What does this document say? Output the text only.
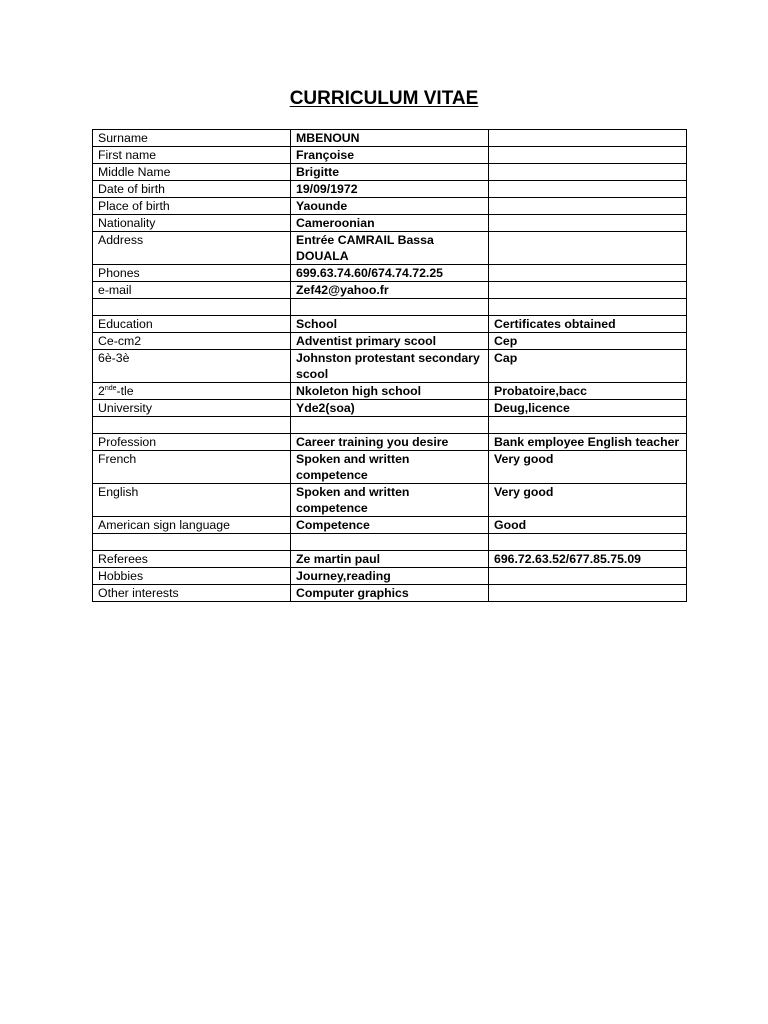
CURRICULUM VITAE
Surname	MBENOUN	
First name	Françoise	
Middle Name	Brigitte	
Date of birth	19/09/1972	
Place of birth	Yaounde	
Nationality	Cameroonian	
Address	Entrée CAMRAIL Bassa DOUALA	
Phones	699.63.74.60/674.74.72.25	
e-mail	Zef42@yahoo.fr	

Education	School	Certificates obtained
Ce-cm2	Adventist primary scool	Cep
6è-3è	Johnston protestant secondary scool	Cap
2nde-tle	Nkoleton high school	Probatoire,bacc
University	Yde2(soa)	Deug,licence

Profession	Career training you desire	Bank employee English teacher
French	Spoken and written competence	Very good
English	Spoken and written competence	Very good
American sign language	Competence	Good

Referees	Ze martin paul	696.72.63.52/677.85.75.09
Hobbies	Journey,reading	
Other interests	Computer graphics	
